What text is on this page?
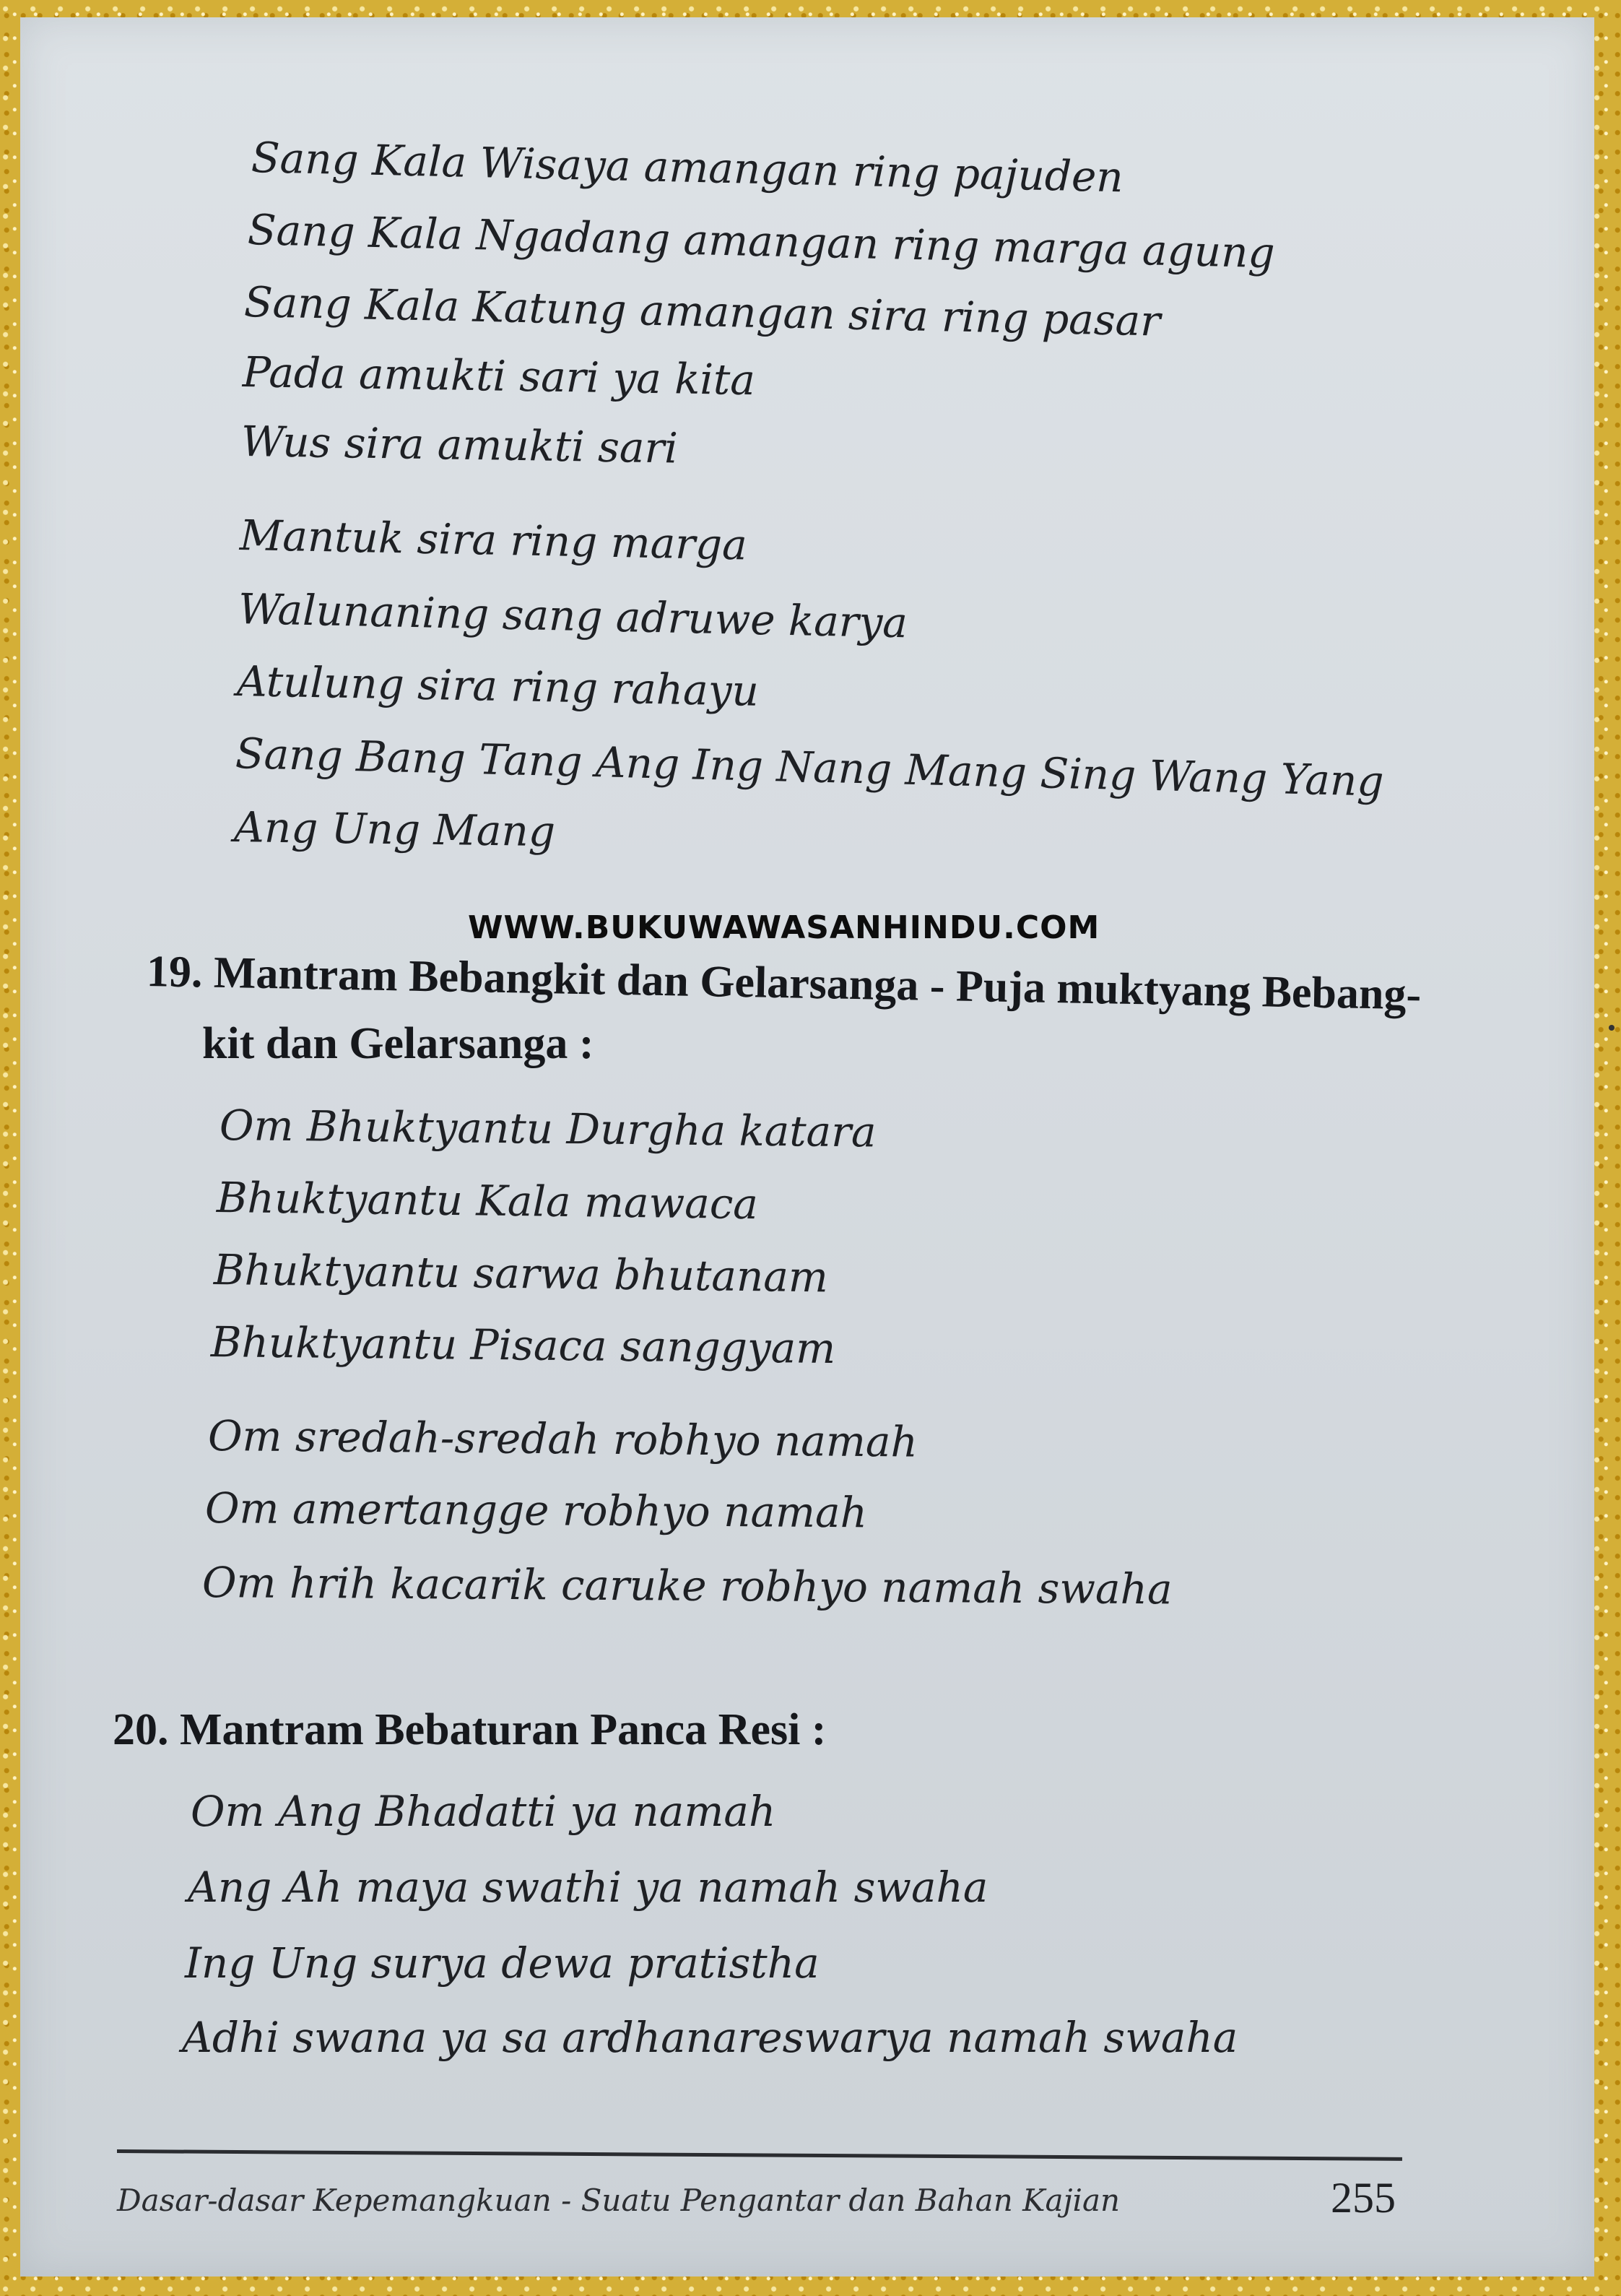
Sang Kala Wisaya amangan ring pajuden
Sang Kala Ngadang amangan ring marga agung
Sang Kala Katung amangan sira ring pasar
Pada amukti sari ya kita
Wus sira amukti sari
Mantuk sira ring marga
Walunaning sang adruwe karya
Atulung sira ring rahayu
Sang Bang Tang Ang Ing Nang Mang Sing Wang Yang
Ang Ung Mang
WWW.BUKUWAWASANHINDU.COM
19. Mantram Bebangkit dan Gelarsanga - Puja muktyang Bebang-
kit dan Gelarsanga :
Om Bhuktyantu Durgha katara
Bhuktyantu Kala mawaca
Bhuktyantu sarwa bhutanam
Bhuktyantu Pisaca sanggyam
Om sredah-sredah robhyo namah
Om amertangge robhyo namah
Om hrih kacarik caruke robhyo namah swaha
20. Mantram Bebaturan Panca Resi :
Om Ang Bhadatti ya namah
Ang Ah maya swathi ya namah swaha
Ing Ung surya dewa pratistha
Adhi swana ya sa ardhanareswarya namah swaha
Dasar-dasar Kepemangkuan - Suatu Pengantar dan Bahan Kajian	255
